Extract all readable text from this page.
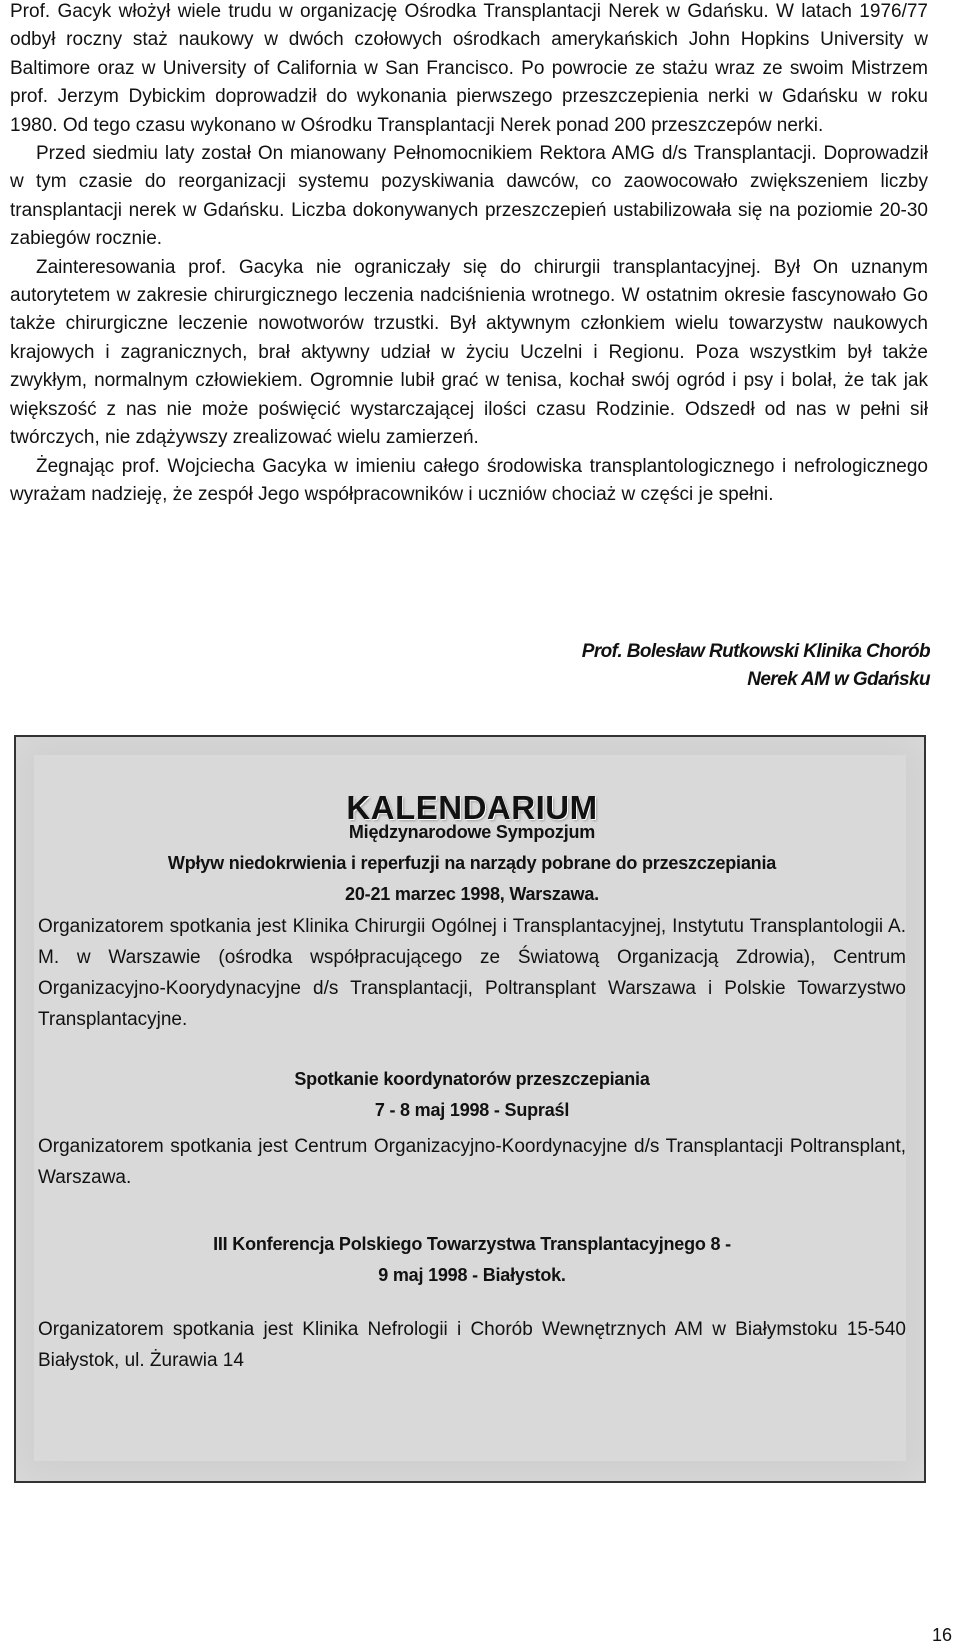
Prof. Gacyk włożył wiele trudu w organizację Ośrodka Transplantacji Nerek w Gdańsku. W latach 1976/77 odbył roczny staż naukowy w dwóch czołowych ośrodkach amerykańskich John Hopkins University w Baltimore oraz w University of California w San Francisco. Po powrocie ze stażu wraz ze swoim Mistrzem prof. Jerzym Dybickim doprowadził do wykonania pierwszego przeszczepienia nerki w Gdańsku w roku 1980. Od tego czasu wykonano w Ośrodku Transplantacji Nerek ponad 200 przeszczepów nerki.

Przed siedmiu laty został On mianowany Pełnomocnikiem Rektora AMG d/s Transplantacji. Doprowadził w tym czasie do reorganizacji systemu pozyskiwania dawców, co zaowocowało zwiększeniem liczby transplantacji nerek w Gdańsku. Liczba dokonywanych przeszczepień ustabilizowała się na poziomie 20-30 zabiegów rocznie.

Zainteresowania prof. Gacyka nie ograniczały się do chirurgii transplantacyjnej. Był On uznanym autorytetem w zakresie chirurgicznego leczenia nadciśnienia wrotnego. W ostatnim okresie fascynowało Go także chirurgiczne leczenie nowotworów trzustki. Był aktywnym członkiem wielu towarzystw naukowych krajowych i zagranicznych, brał aktywny udział w życiu Uczelni i Regionu. Poza wszystkim był także zwykłym, normalnym człowiekiem. Ogromnie lubił grać w tenisa, kochał swój ogród i psy i bolał, że tak jak większość z nas nie może poświęcić wystarczającej ilości czasu Rodzinie. Odszedł od nas w pełni sił twórczych, nie zdążywszy zrealizować wielu zamierzeń.

Żegnając prof. Wojciecha Gacyka w imieniu całego środowiska transplantologicznego i nefrologicznego wyrażam nadzieję, że zespół Jego współpracowników i uczniów chociaż w części je spełni.

Prof. Bolesław Rutkowski Klinika Chorób
Nerek AM w Gdańsku
KALENDARIUM
Międzynarodowe Sympozjum
Wpływ niedokrwienia i reperfuzji na narządy pobrane do przeszczepiania
20-21 marzec 1998, Warszawa.
Organizatorem spotkania jest Klinika Chirurgii Ogólnej i Transplantacyjnej, Instytutu Transplantologii A. M. w Warszawie (ośrodka współpracującego ze Światową Organizacją Zdrowia), Centrum Organizacyjno-Koorydynacyjne d/s Transplantacji, Poltransplant Warszawa i Polskie Towarzystwo Transplantacyjne.
Spotkanie koordynatorów przeszczepiania
7 - 8 maj 1998 - Supraśl
Organizatorem spotkania jest Centrum Organizacyjno-Koordynacyjne d/s Transplantacji Poltransplant, Warszawa.
III Konferencja Polskiego Towarzystwa Transplantacyjnego 8 -
9 maj 1998 - Białystok.
Organizatorem spotkania jest Klinika Nefrologii i Chorób Wewnętrznych AM w Białymstoku 15-540 Białystok, ul. Żurawia 14
16
